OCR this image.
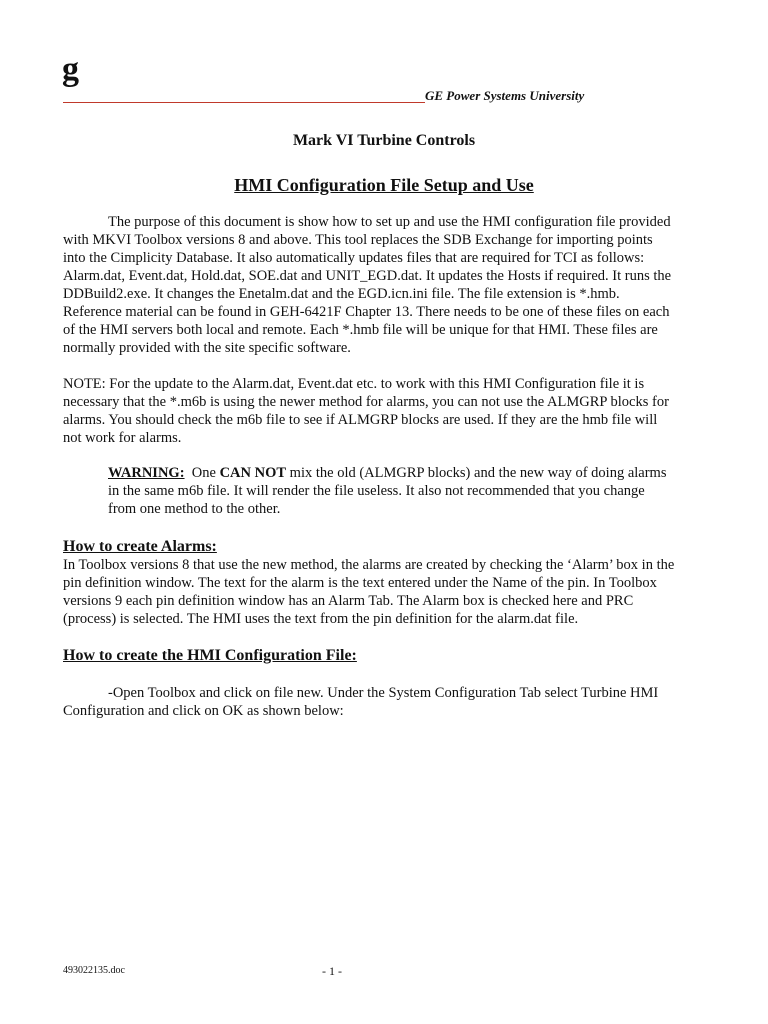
g
GE Power Systems University
Mark VI Turbine Controls
HMI Configuration File Setup and Use
The purpose of this document is show how to set up and use the HMI configuration file provided
with MKVI Toolbox versions 8 and above. This tool replaces the SDB Exchange for importing points
into the Cimplicity Database. It also automatically updates files that are required for TCI as follows:
Alarm.dat, Event.dat, Hold.dat, SOE.dat and UNIT_EGD.dat. It updates the Hosts if required. It runs the
DDBuild2.exe. It changes the Enetalm.dat and the EGD.icn.ini file. The file extension is *.hmb.
Reference material can be found in GEH-6421F Chapter 13. There needs to be one of these files on each
of the HMI servers both local and remote. Each *.hmb file will be unique for that HMI. These files are
normally provided with the site specific software.
NOTE: For the update to the Alarm.dat, Event.dat etc. to work with this HMI Configuration file it is
necessary that the *.m6b is using the newer method for alarms, you can not use the ALMGRP blocks for
alarms. You should check the m6b file to see if ALMGRP blocks are used. If they are the hmb file will
not work for alarms.
WARNING:  One CAN NOT mix the old (ALMGRP blocks) and the new way of doing alarms
in the same m6b file. It will render the file useless. It also not recommended that you change
from one method to the other.
How to create Alarms:
In Toolbox versions 8 that use the new method, the alarms are created by checking the ‘Alarm’ box in the
pin definition window. The text for the alarm is the text entered under the Name of the pin. In Toolbox
versions 9 each pin definition window has an Alarm Tab. The Alarm box is checked here and PRC
(process) is selected. The HMI uses the text from the pin definition for the alarm.dat file.
How to create the HMI Configuration File:
-Open Toolbox and click on file new. Under the System Configuration Tab select Turbine HMI
Configuration and click on OK as shown below:
493022135.doc	- 1 -
